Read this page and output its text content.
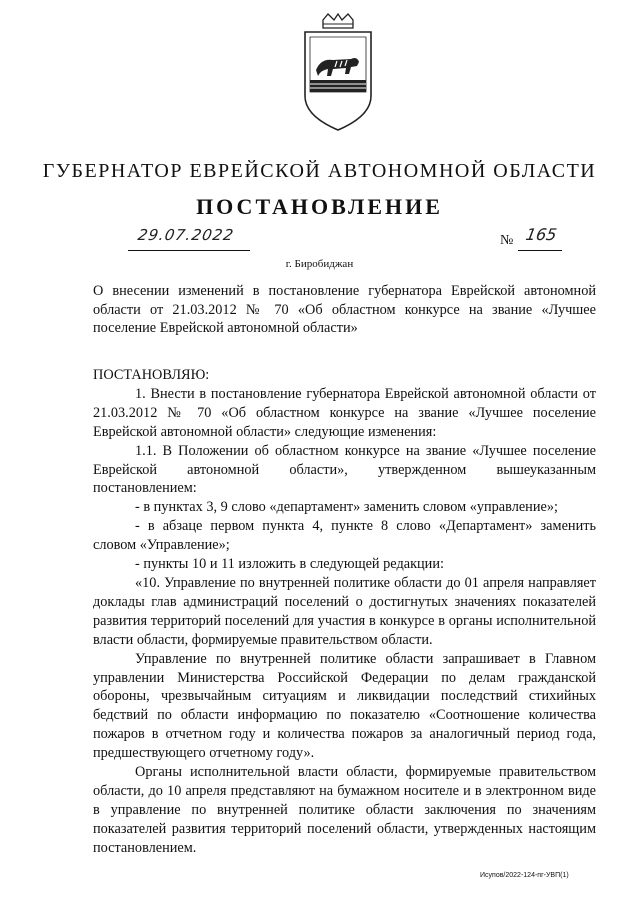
ГУБЕРНАТОР ЕВРЕЙСКОЙ АВТОНОМНОЙ ОБЛАСТИ
ПОСТАНОВЛЕНИЕ
29.07.2022	№ 165
г. Биробиджан
О внесении изменений в постановление губернатора Еврейской автономной области от 21.03.2012 № 70 «Об областном конкурсе на звание «Лучшее поселение Еврейской автономной области»

ПОСТАНОВЛЯЮ:

1. Внести в постановление губернатора Еврейской автономной области от 21.03.2012 № 70 «Об областном конкурсе на звание «Лучшее поселение Еврейской автономной области» следующие изменения:

1.1. В Положении об областном конкурсе на звание «Лучшее поселение Еврейской автономной области», утвержденном вышеуказанным постановлением:

- в пунктах 3, 9 слово «департамент» заменить словом «управление»;

- в абзаце первом пункта 4, пункте 8 слово «Департамент» заменить словом «Управление»;

- пункты 10 и 11 изложить в следующей редакции:

«10. Управление по внутренней политике области до 01 апреля направляет доклады глав администраций поселений о достигнутых значениях показателей развития территорий поселений для участия в конкурсе в органы исполнительной власти области, формируемые правительством области.

Управление по внутренней политике области запрашивает в Главном управлении Министерства Российской Федерации по делам гражданской обороны, чрезвычайным ситуациям и ликвидации последствий стихийных бедствий по области информацию по показателю «Соотношение количества пожаров в отчетном году и количества пожаров за аналогичный период года, предшествующего отчетному году».

Органы исполнительной власти области, формируемые правительством области, до 10 апреля представляют на бумажном носителе и в электронном виде в управление по внутренней политике области заключения по значениям показателей развития территорий поселений области, утвержденных настоящим постановлением.

Исупов/2022-124-пг-УВП(1)
